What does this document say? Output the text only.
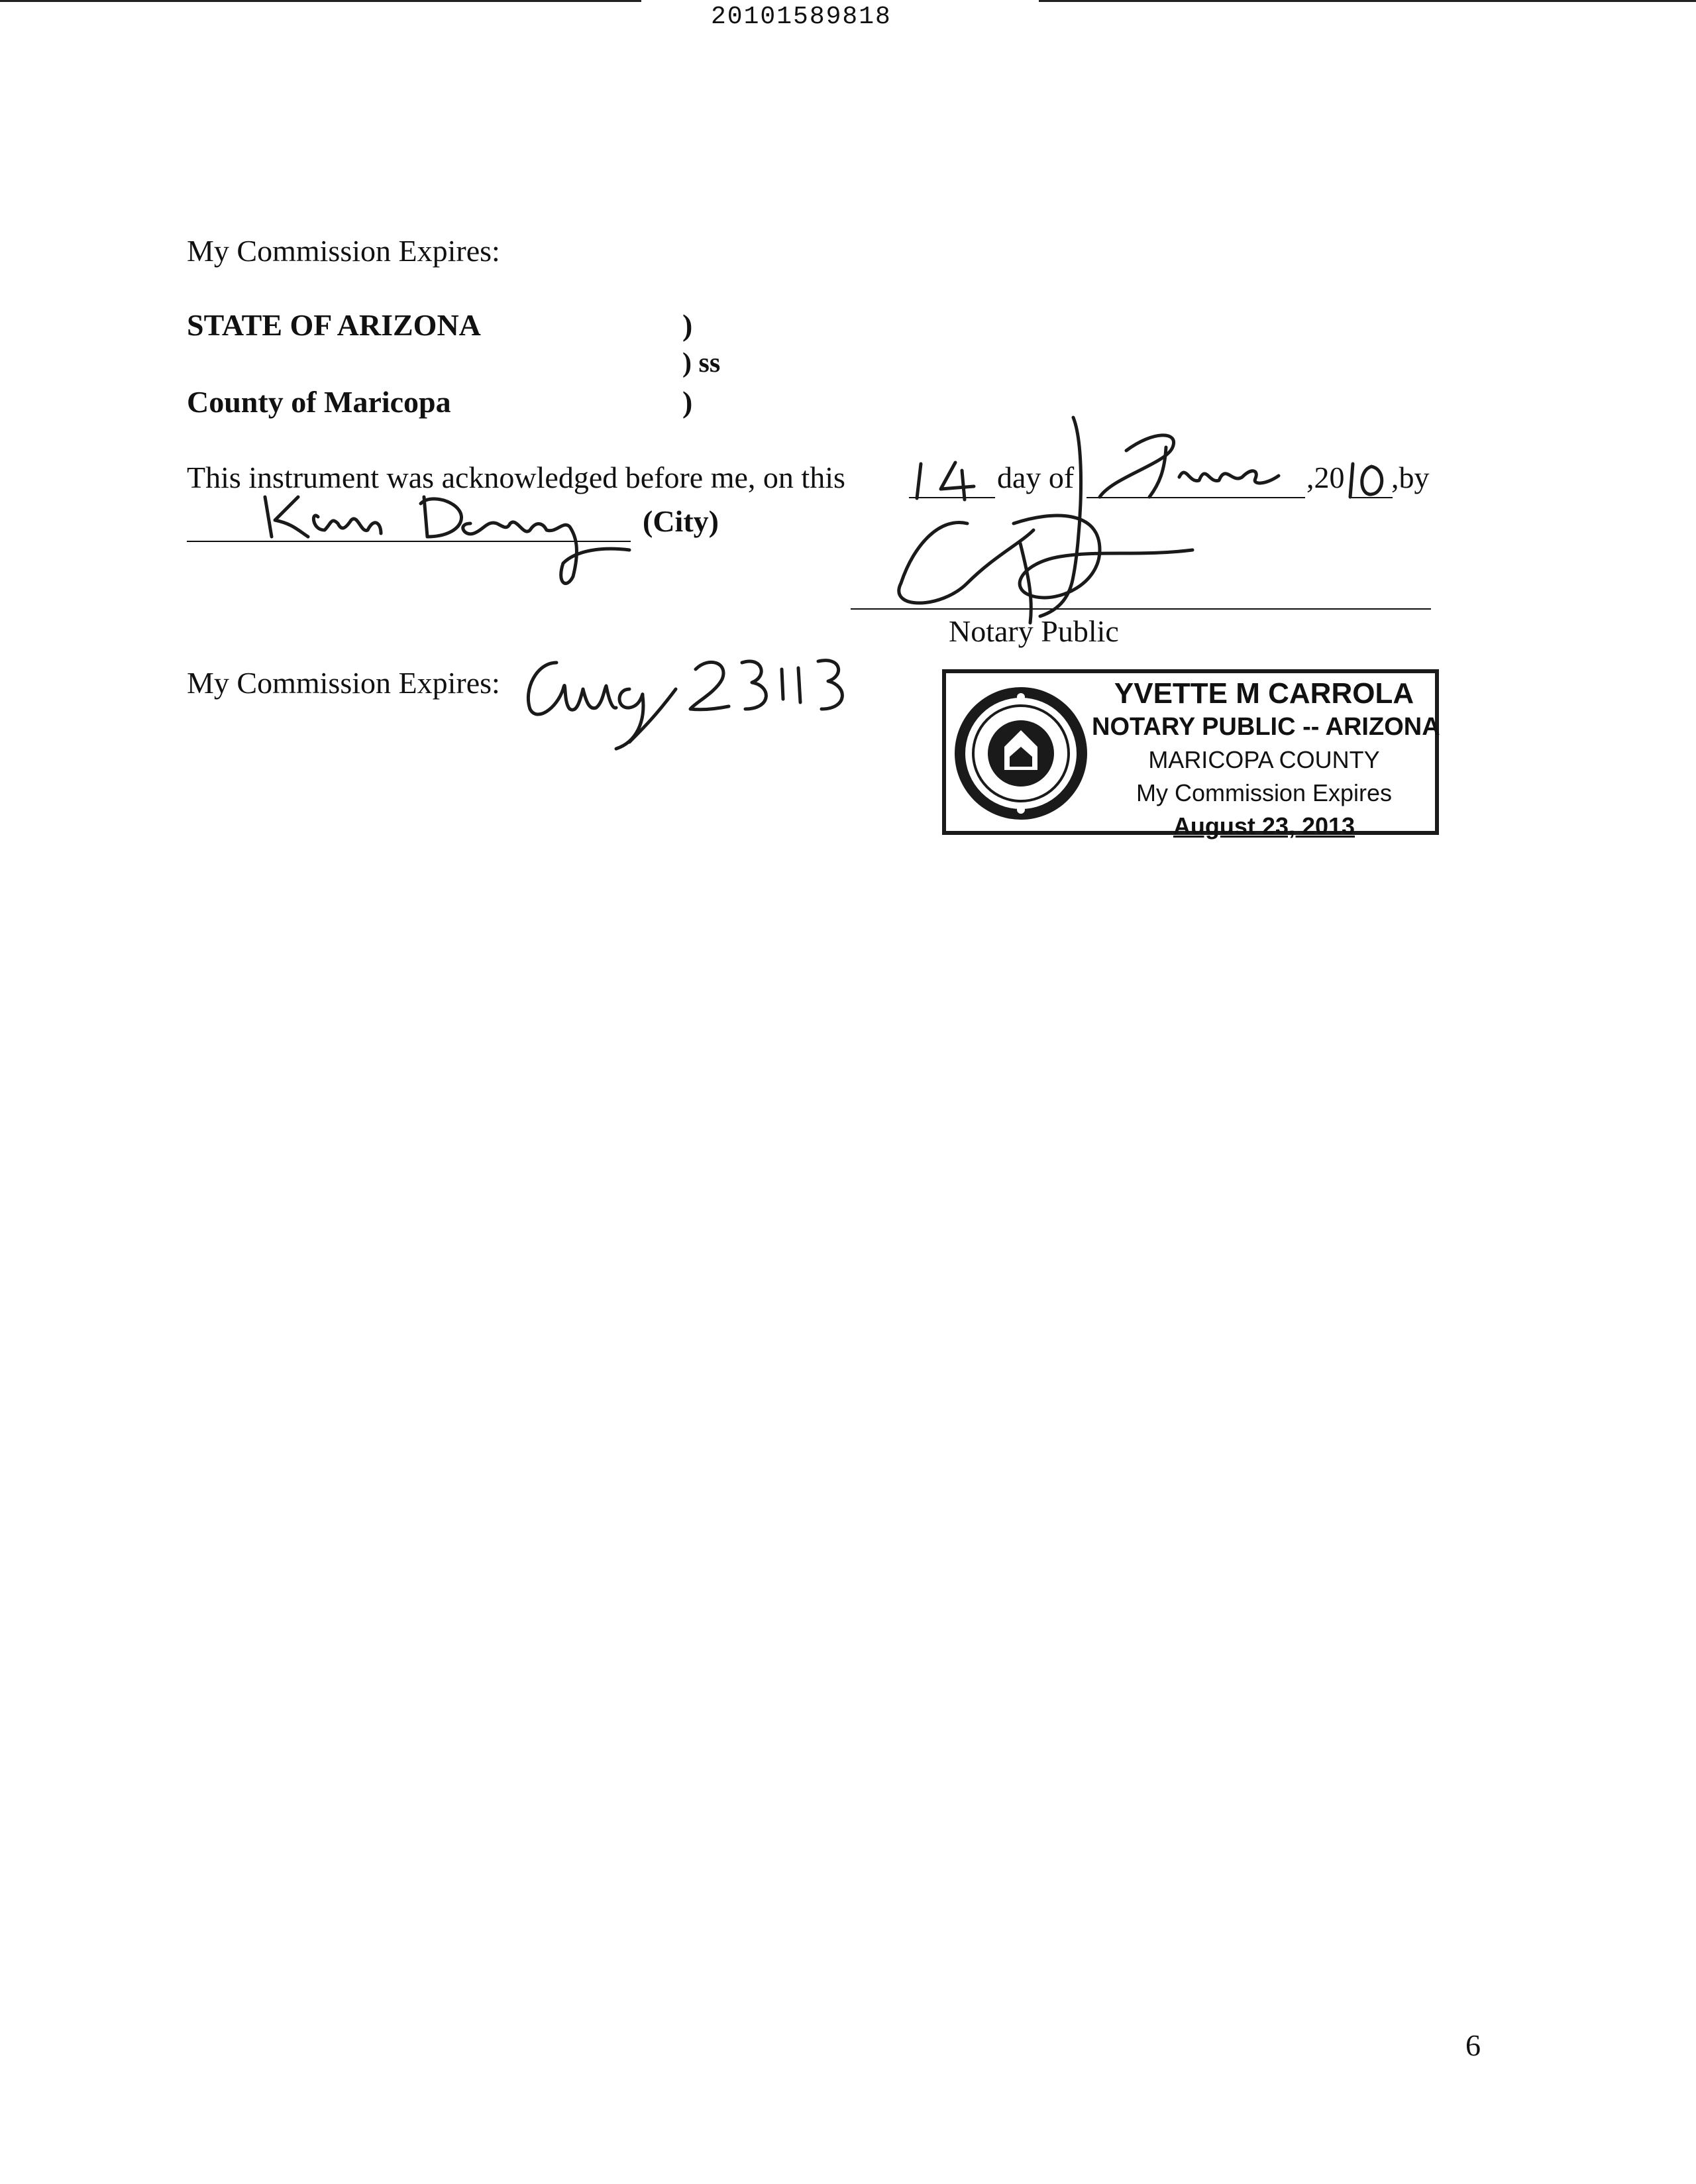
20101589818
My Commission Expires:
STATE OF ARIZONA	)
) ss
County of Maricopa	)
This instrument was acknowledged before me, on this	day of	,20 ,by
(City)
Notary Public
My Commission Expires:	YVETTE M CARROLA
NOTARY PUBLIC -- ARIZONA
MARICOPA COUNTY
My Commission Expires
August 23, 2013
6
